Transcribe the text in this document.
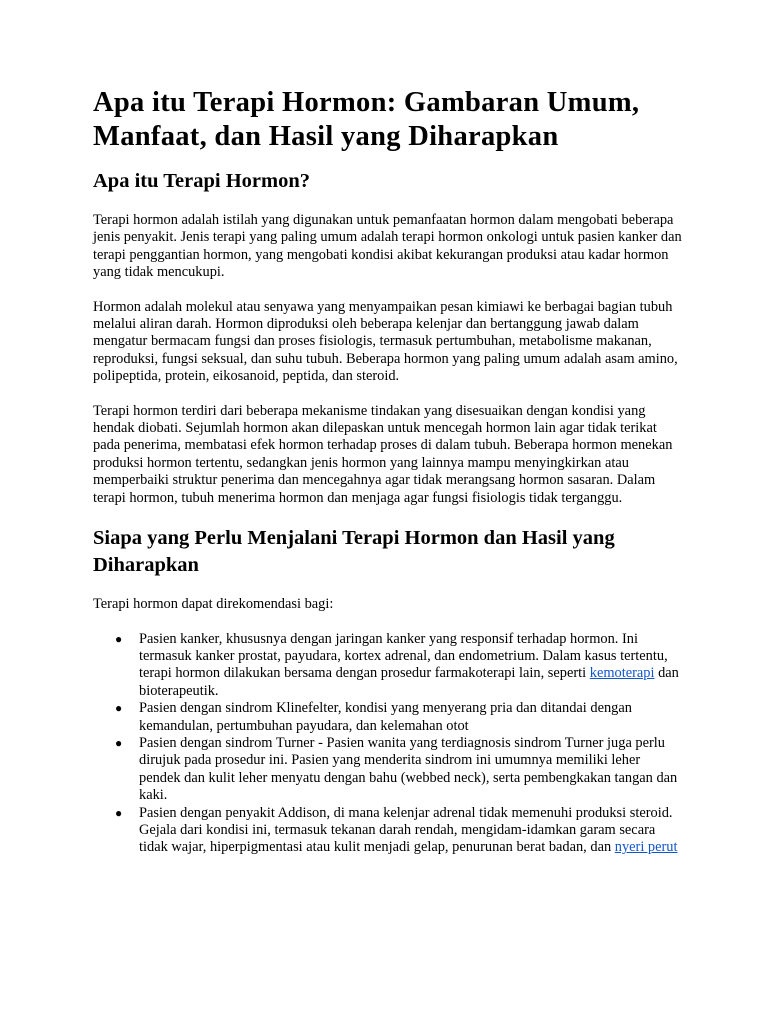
Apa itu Terapi Hormon: Gambaran Umum, Manfaat, dan Hasil yang Diharapkan
Apa itu Terapi Hormon?

Terapi hormon adalah istilah yang digunakan untuk pemanfaatan hormon dalam mengobati beberapa jenis penyakit. Jenis terapi yang paling umum adalah terapi hormon onkologi untuk pasien kanker dan terapi penggantian hormon, yang mengobati kondisi akibat kekurangan produksi atau kadar hormon yang tidak mencukupi.

Hormon adalah molekul atau senyawa yang menyampaikan pesan kimiawi ke berbagai bagian tubuh melalui aliran darah. Hormon diproduksi oleh beberapa kelenjar dan bertanggung jawab dalam mengatur bermacam fungsi dan proses fisiologis, termasuk pertumbuhan, metabolisme makanan, reproduksi, fungsi seksual, dan suhu tubuh. Beberapa hormon yang paling umum adalah asam amino, polipeptida, protein, eikosanoid, peptida, dan steroid.

Terapi hormon terdiri dari beberapa mekanisme tindakan yang disesuaikan dengan kondisi yang hendak diobati. Sejumlah hormon akan dilepaskan untuk mencegah hormon lain agar tidak terikat pada penerima, membatasi efek hormon terhadap proses di dalam tubuh. Beberapa hormon menekan produksi hormon tertentu, sedangkan jenis hormon yang lainnya mampu menyingkirkan atau memperbaiki struktur penerima dan mencegahnya agar tidak merangsang hormon sasaran. Dalam terapi hormon, tubuh menerima hormon dan menjaga agar fungsi fisiologis tidak terganggu.

Siapa yang Perlu Menjalani Terapi Hormon dan Hasil yang Diharapkan

Terapi hormon dapat direkomendasi bagi:

● Pasien kanker, khususnya dengan jaringan kanker yang responsif terhadap hormon. Ini termasuk kanker prostat, payudara, kortex adrenal, dan endometrium. Dalam kasus tertentu, terapi hormon dilakukan bersama dengan prosedur farmakoterapi lain, seperti kemoterapi dan bioterapeutik.
● Pasien dengan sindrom Klinefelter, kondisi yang menyerang pria dan ditandai dengan kemandulan, pertumbuhan payudara, dan kelemahan otot
● Pasien dengan sindrom Turner - Pasien wanita yang terdiagnosis sindrom Turner juga perlu dirujuk pada prosedur ini. Pasien yang menderita sindrom ini umumnya memiliki leher pendek dan kulit leher menyatu dengan bahu (webbed neck), serta pembengkakan tangan dan kaki.
● Pasien dengan penyakit Addison, di mana kelenjar adrenal tidak memenuhi produksi steroid. Gejala dari kondisi ini, termasuk tekanan darah rendah, mengidam-idamkan garam secara tidak wajar, hiperpigmentasi atau kulit menjadi gelap, penurunan berat badan, dan nyeri perut
